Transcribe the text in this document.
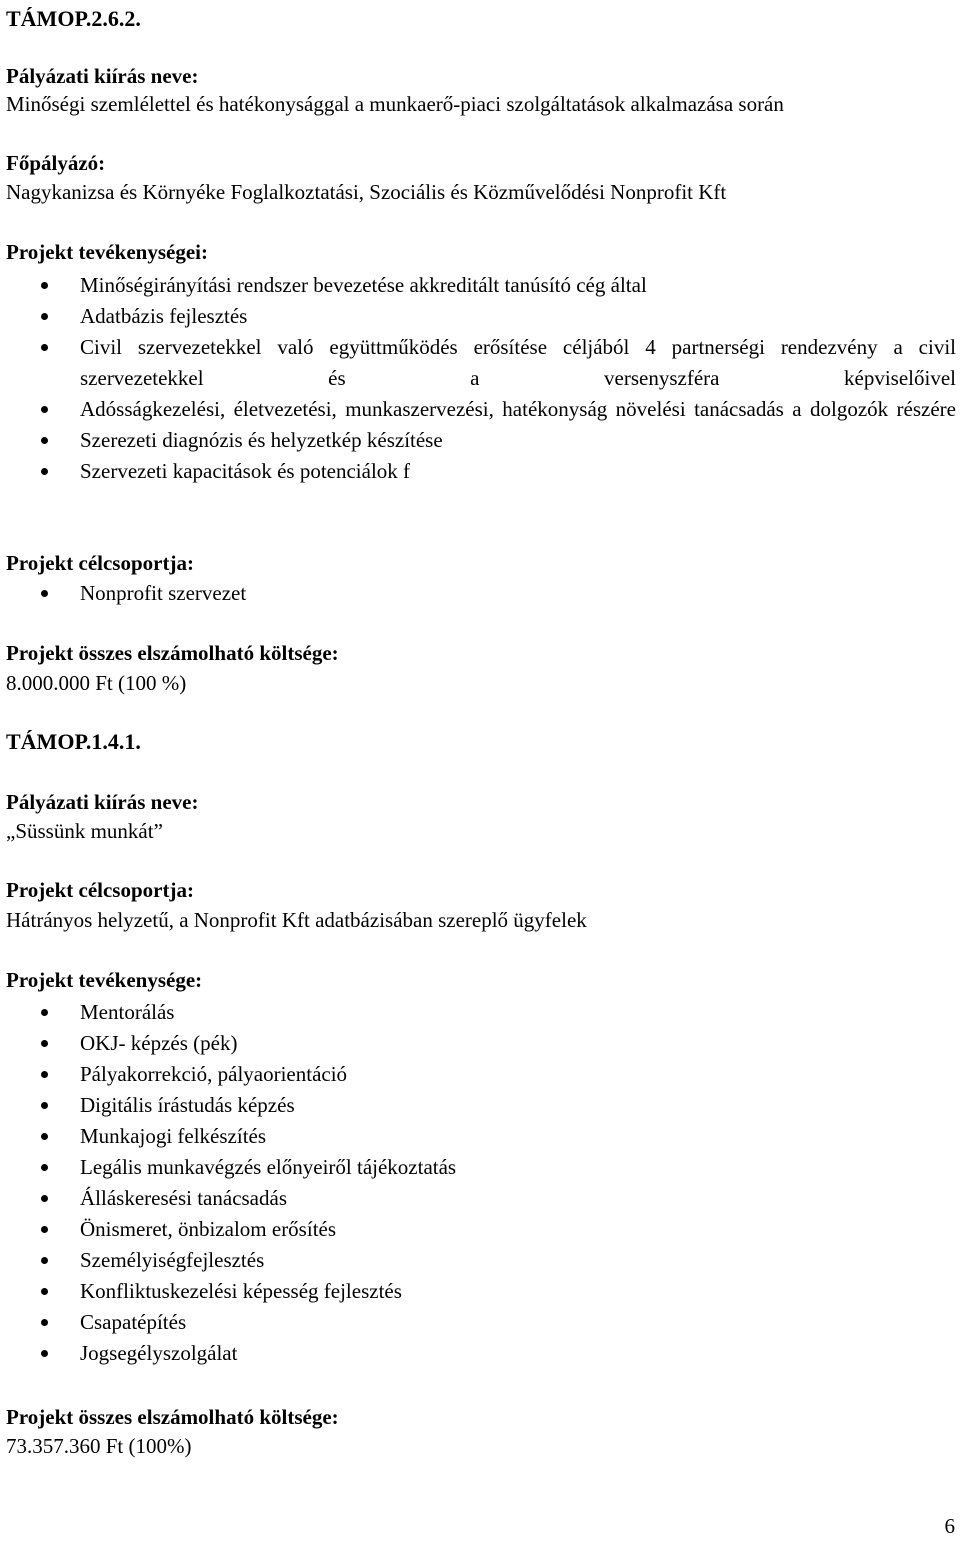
TÁMOP.2.6.2.
Pályázati kiírás neve:
Minőségi szemlélettel és hatékonysággal a munkaerő-piaci szolgáltatások alkalmazása során
Főpályázó:
Nagykanizsa és Környéke Foglalkoztatási, Szociális és Közművelődési Nonprofit Kft
Projekt tevékenységei:
Minőségirányítási rendszer bevezetése akkreditált tanúsító cég által
Adatbázis fejlesztés
Civil szervezetekkel való együttműködés erősítése céljából 4 partnerségi rendezvény a civil szervezetekkel és a versenyszféra képviselőivel
Adósságkezelési, életvezetési, munkaszervezési, hatékonyság növelési tanácsadás a dolgozók részére
Szerezeti diagnózis és helyzetkép készítése
Szervezeti kapacitások és potenciálok f
Projekt célcsoportja:
Nonprofit szervezet
Projekt összes elszámolható költsége:
8.000.000 Ft (100 %)
TÁMOP.1.4.1.
Pályázati kiírás neve:
„Süssünk munkát”
Projekt célcsoportja:
Hátrányos helyzetű, a Nonprofit Kft adatbázisában szereplő ügyfelek
Projekt tevékenysége:
Mentorálás
OKJ- képzés (pék)
Pályakorrekció, pályaorientáció
Digitális írástudás képzés
Munkajogi felkészítés
Legális munkavégzés előnyeiről tájékoztatás
Álláskeresési tanácsadás
Önismeret, önbizalom erősítés
Személyiségfejlesztés
Konfliktuskezelési képesség fejlesztés
Csapatépítés
Jogsegélyszolgálat
Projekt összes elszámolható költsége:
73.357.360 Ft (100%)
6
